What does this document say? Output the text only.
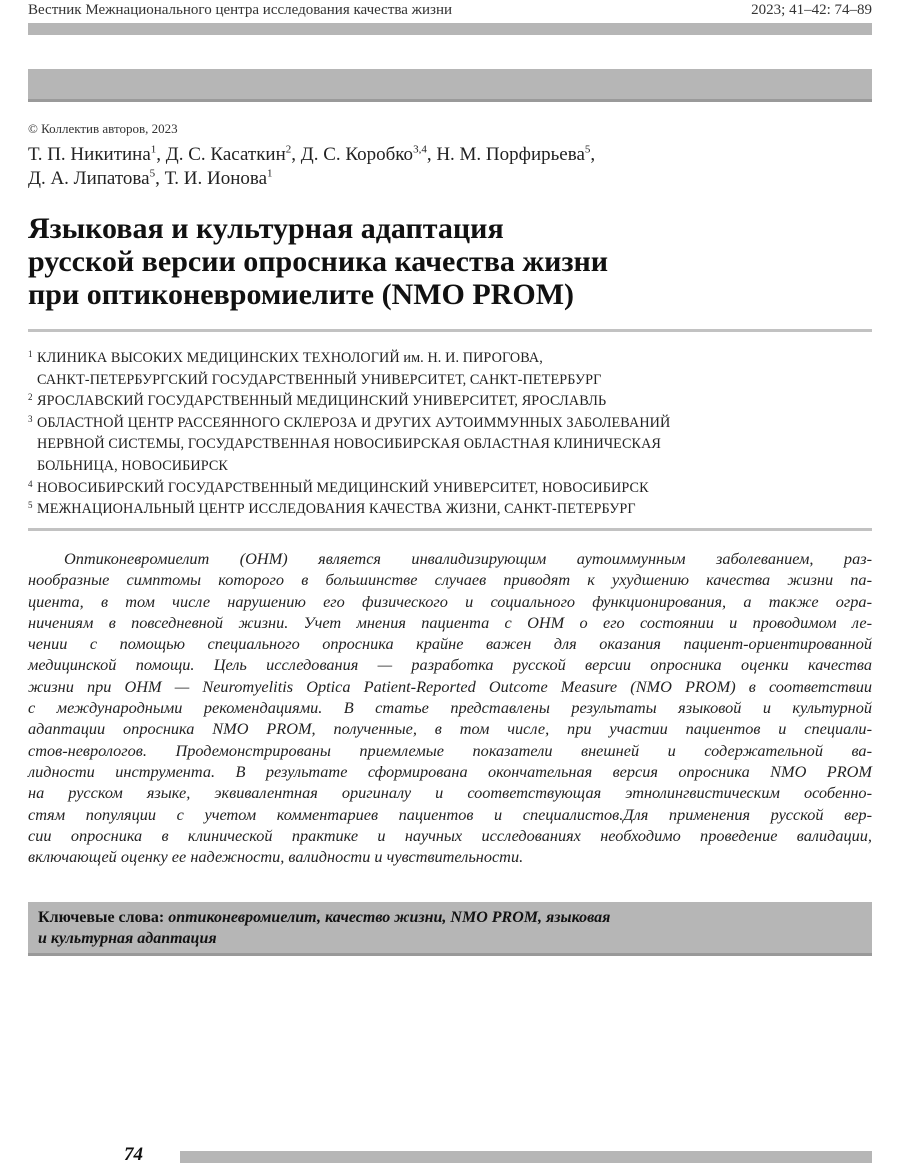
Вестник Межнационального центра исследования качества жизни	2023; 41–42: 74–89
© Коллектив авторов, 2023
Т. П. Никитина$^1$, Д. С. Касаткин$^2$, Д. С. Коробко$^{3,4}$, Н. М. Порфирьева$^5$,
Д. А. Липатова$^5$, Т. И. Ионова$^1$
Языковая и культурная адаптация
русской версии опросника качества жизни
при оптиконевромиелите (NMO PROM)
1 КЛИНИКА ВЫСОКИХ МЕДИЦИНСКИХ ТЕХНОЛОГИЙ им. Н. И. ПИРОГОВА,
САНКТ-ПЕТЕРБУРГСКИЙ ГОСУДАРСТВЕННЫЙ УНИВЕРСИТЕТ, САНКТ-ПЕТЕРБУРГ
2 ЯРОСЛАВСКИЙ ГОСУДАРСТВЕННЫЙ МЕДИЦИНСКИЙ УНИВЕРСИТЕТ, ЯРОСЛАВЛЬ
3 ОБЛАСТНОЙ ЦЕНТР РАССЕЯННОГО СКЛЕРОЗА И ДРУГИХ АУТОИММУННЫХ ЗАБОЛЕВАНИЙ
НЕРВНОЙ СИСТЕМЫ, ГОСУДАРСТВЕННАЯ НОВОСИБИРСКАЯ ОБЛАСТНАЯ КЛИНИЧЕСКАЯ
БОЛЬНИЦА, НОВОСИБИРСК
4 НОВОСИБИРСКИЙ ГОСУДАРСТВЕННЫЙ МЕДИЦИНСКИЙ УНИВЕРСИТЕТ, НОВОСИБИРСК
5 МЕЖНАЦИОНАЛЬНЫЙ ЦЕНТР ИССЛЕДОВАНИЯ КАЧЕСТВА ЖИЗНИ, САНКТ-ПЕТЕРБУРГ
Оптиконевромиелит (ОНМ) является инвалидизирующим аутоиммунным заболеванием, раз-
нообразные симптомы которого в большинстве случаев приводят к ухудшению качества жизни па-
циента, в том числе нарушению его физического и социального функционирования, а также огра-
ничениям в повседневной жизни. Учет мнения пациента с ОНМ о его состоянии и проводимом ле-
чении с помощью специального опросника крайне важен для оказания пациент-ориентированной
медицинской помощи. Цель исследования — разработка русской версии опросника оценки качества
жизни при ОНМ — Neuromyelitis Optica Patient-Reported Outcome Measure (NMO PROM) в соответствии
с международными рекомендациями. В статье представлены результаты языковой и культурной
адаптации опросника NMO PROM, полученные, в том числе, при участии пациентов и специали-
стов-неврологов. Продемонстрированы приемлемые показатели внешней и содержательной ва-
лидности инструмента. В результате сформирована окончательная версия опросника NMO PROM
на русском языке, эквивалентная оригиналу и соответствующая этнолингвистическим особенно-
стям популяции с учетом комментариев пациентов и специалистов.Для применения русской вер-
сии опросника в клинической практике и научных исследованиях необходимо проведение валидации,
включающей оценку ее надежности, валидности и чувствительности.
Ключевые слова: оптиконевромиелит, качество жизни, NMO PROM, языковая
и культурная адаптация
74
